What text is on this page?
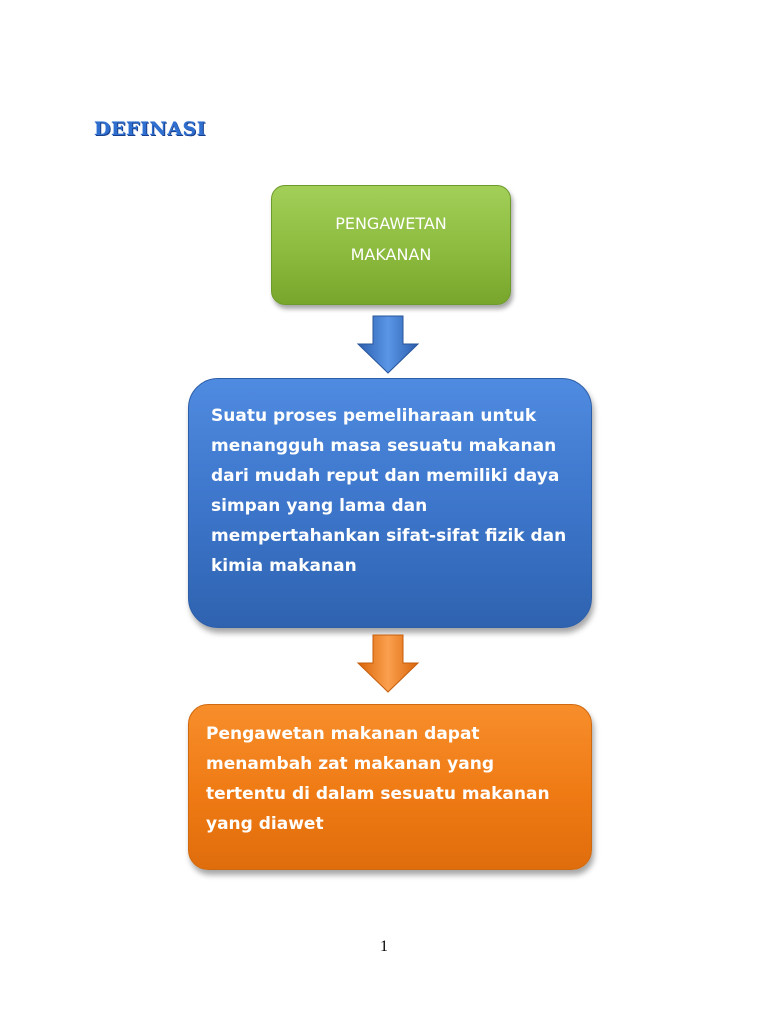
DEFINASI
PENGAWETAN
MAKANAN
Suatu proses pemeliharaan untuk menangguh masa sesuatu makanan dari mudah reput dan memiliki daya simpan yang lama dan mempertahankan sifat-sifat fizik dan kimia makanan
Pengawetan makanan dapat menambah zat makanan yang tertentu di dalam sesuatu makanan yang diawet
1
